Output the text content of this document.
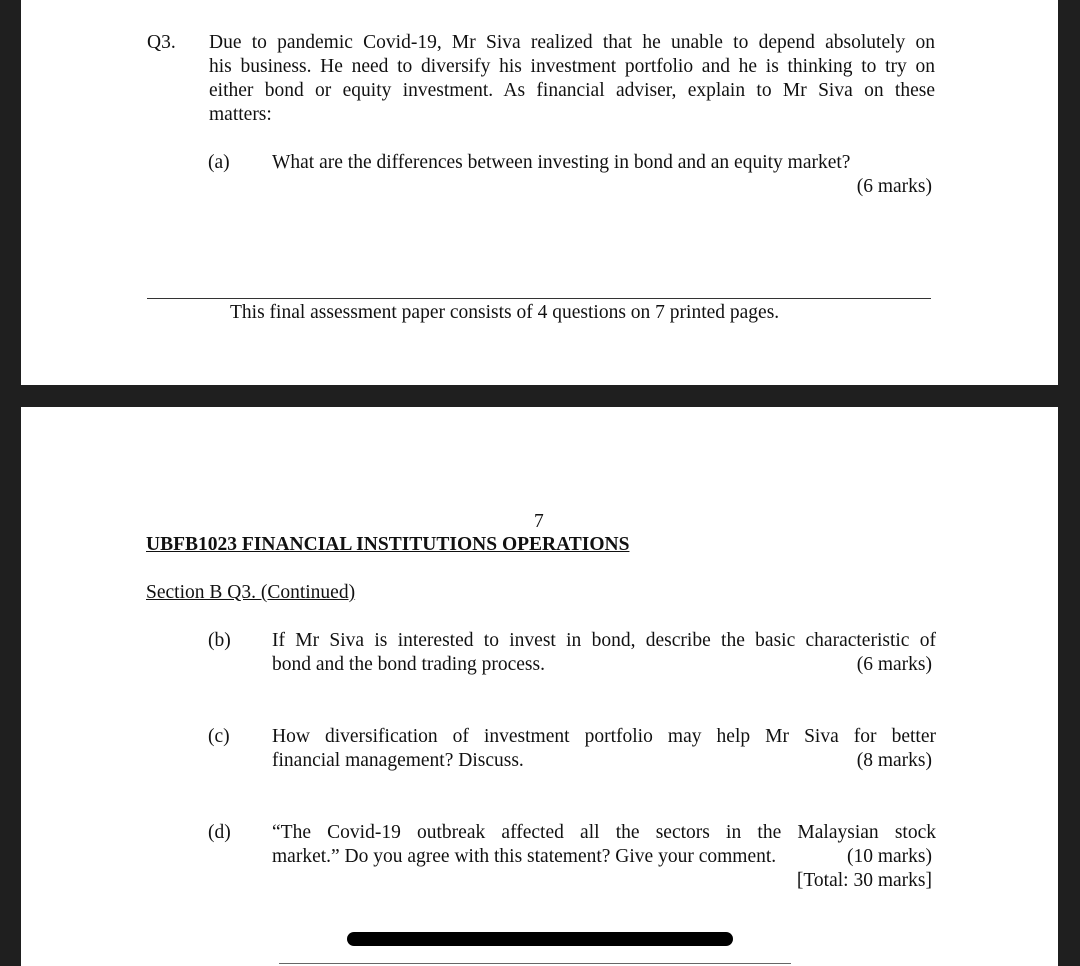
Q3. Due to pandemic Covid-19, Mr Siva realized that he unable to depend absolutely on
his business. He need to diversify his investment portfolio and he is thinking to try on
either bond or equity investment. As financial adviser, explain to Mr Siva on these
matters:
(a) What are the differences between investing in bond and an equity market?
(6 marks)
This final assessment paper consists of 4 questions on 7 printed pages.
7
UBFB1023 FINANCIAL INSTITUTIONS OPERATIONS
Section B Q3. (Continued)
(b) If Mr Siva is interested to invest in bond, describe the basic characteristic of
bond and the bond trading process.	(6 marks)
(c) How diversification of investment portfolio may help Mr Siva for better
financial management? Discuss.	(8 marks)
(d) “The Covid-19 outbreak affected all the sectors in the Malaysian stock
market.” Do you agree with this statement? Give your comment.	(10 marks)
[Total: 30 marks]
